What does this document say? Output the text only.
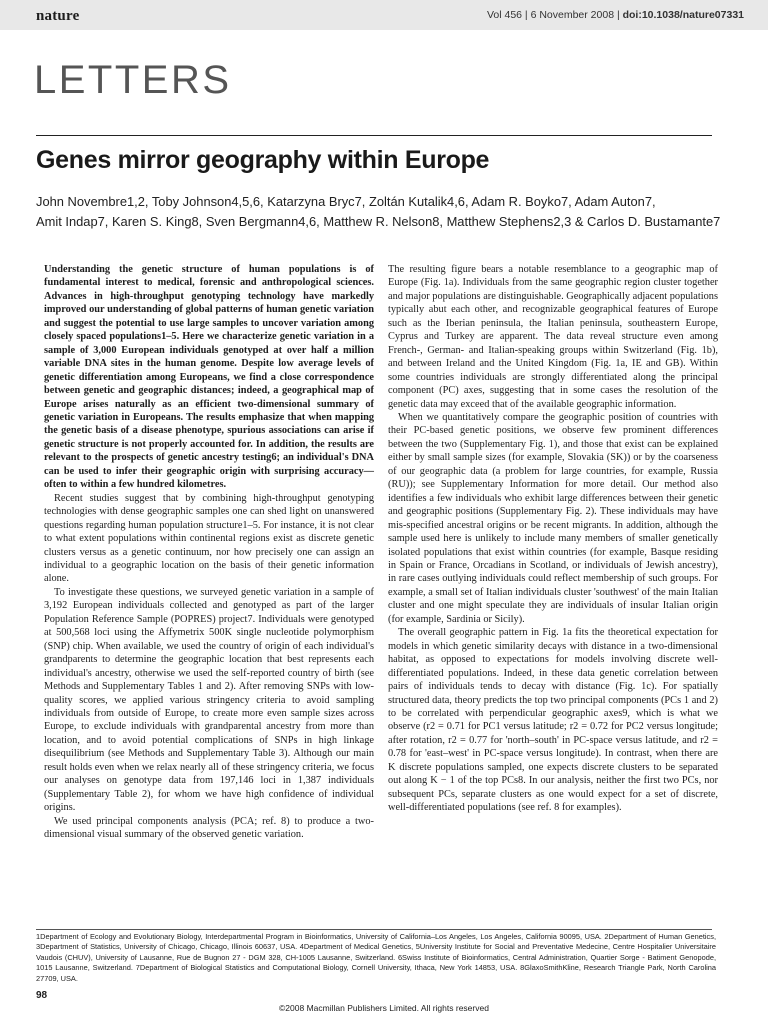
nature	Vol 456 | 6 November 2008 | doi:10.1038/nature07331
LETTERS
Genes mirror geography within Europe
John Novembre1,2, Toby Johnson4,5,6, Katarzyna Bryc7, Zoltán Kutalik4,6, Adam R. Boyko7, Adam Auton7,
Amit Indap7, Karen S. King8, Sven Bergmann4,6, Matthew R. Nelson8, Matthew Stephens2,3 & Carlos D. Bustamante7

Understanding the genetic structure of human populations is of fundamental interest to medical, forensic and anthropological sciences. Advances in high-throughput genotyping technology have markedly improved our understanding of global patterns of human genetic variation and suggest the potential to use large samples to uncover variation among closely spaced populations1–5. Here we characterize genetic variation in a sample of 3,000 European individuals genotyped at over half a million variable DNA sites in the human genome. Despite low average levels of genetic differentiation among Europeans, we find a close correspondence between genetic and geographic distances; indeed, a geographical map of Europe arises naturally as an efficient two-dimensional summary of genetic variation in Europeans. The results emphasize that when mapping the genetic basis of a disease phenotype, spurious associations can arise if genetic structure is not properly accounted for. In addition, the results are relevant to the prospects of genetic ancestry testing6; an individual's DNA can be used to infer their geographic origin with surprising accuracy—often to within a few hundred kilometres.

Recent studies suggest that by combining high-throughput genotyping technologies with dense geographic samples one can shed light on unanswered questions regarding human population structure1–5. For instance, it is not clear to what extent populations within continental regions exist as discrete genetic clusters versus as a genetic continuum, nor how precisely one can assign an individual to a geographic location on the basis of their genetic information alone.

To investigate these questions, we surveyed genetic variation in a sample of 3,192 European individuals collected and genotyped as part of the larger Population Reference Sample (POPRES) project7. Individuals were genotyped at 500,568 loci using the Affymetrix 500K single nucleotide polymorphism (SNP) chip. When available, we used the country of origin of each individual's grandparents to determine the geographic location that best represents each individual's ancestry, otherwise we used the self-reported country of birth (see Methods and Supplementary Tables 1 and 2). After removing SNPs with low-quality scores, we applied various stringency criteria to avoid sampling individuals from outside of Europe, to create more even sample sizes across Europe, to exclude individuals with grandparental ancestry from more than location, and to avoid potential complications of SNPs in high linkage disequilibrium (see Methods and Supplementary Table 3). Although our main result holds even when we relax nearly all of these stringency criteria, we focus our analyses on genotype data from 197,146 loci in 1,387 individuals (Supplementary Table 2), for whom we have high confidence of individual origins.

We used principal components analysis (PCA; ref. 8) to produce a two-dimensional visual summary of the observed genetic variation.

The resulting figure bears a notable resemblance to a geographic map of Europe (Fig. 1a). Individuals from the same geographic region cluster together and major populations are distinguishable. Geographically adjacent populations typically abut each other, and recognizable geographical features of Europe such as the Iberian peninsula, the Italian peninsula, southeastern Europe, Cyprus and Turkey are apparent. The data reveal structure even among French-, German- and Italian-speaking groups within Switzerland (Fig. 1b), and between Ireland and the United Kingdom (Fig. 1a, IE and GB). Within some countries individuals are strongly differentiated along the principal component (PC) axes, suggesting that in some cases the resolution of the genetic data may exceed that of the available geographic information.

When we quantitatively compare the geographic position of countries with their PC-based genetic positions, we observe few prominent differences between the two (Supplementary Fig. 1), and those that exist can be explained either by small sample sizes (for example, Slovakia (SK)) or by the coarseness of our geographic data (a problem for large countries, for example, Russia (RU)); see Supplementary Information for more detail. Our method also identifies a few individuals who exhibit large differences between their genetic and geographic positions (Supplementary Fig. 2). These individuals may have mis-specified ancestral origins or be recent migrants. In addition, although the sample used here is unlikely to include many members of smaller genetically isolated populations that exist within countries (for example, Basque residing in Spain or France, Orcadians in Scotland, or individuals of Jewish ancestry), in rare cases outlying individuals could reflect membership of such groups. For example, a small set of Italian individuals cluster 'southwest' of the main Italian cluster and one might speculate they are individuals of insular Italian origin (for example, Sardinia or Sicily).

The overall geographic pattern in Fig. 1a fits the theoretical expectation for models in which genetic similarity decays with distance in a two-dimensional habitat, as opposed to expectations for models involving discrete well-differentiated populations. Indeed, in these data genetic correlation between pairs of individuals tends to decay with distance (Fig. 1c). For spatially structured data, theory predicts the top two principal components (PCs 1 and 2) to be correlated with perpendicular geographic axes9, which is what we observe (r2 = 0.71 for PC1 versus latitude; r2 = 0.72 for PC2 versus longitude; after rotation, r2 = 0.77 for 'north–south' in PC-space versus latitude, and r2 = 0.78 for 'east–west' in PC-space versus longitude). In contrast, when there are K discrete populations sampled, one expects discrete clusters to be separated out along K − 1 of the top PCs8. In our analysis, neither the first two PCs, nor subsequent PCs, separate clusters as one would expect for a set of discrete, well-differentiated populations (see ref. 8 for examples).

1Department of Ecology and Evolutionary Biology, Interdepartmental Program in Bioinformatics, University of California–Los Angeles, Los Angeles, California 90095, USA. 2Department of Human Genetics, 3Department of Statistics, University of Chicago, Chicago, Illinois 60637, USA. 4Department of Medical Genetics, 5University Institute for Social and Preventative Medecine, Centre Hospitalier Universitaire Vaudois (CHUV), University of Lausanne, Rue de Bugnon 27 - DGM 328, CH-1005 Lausanne, Switzerland. 6Swiss Institute of Bioinformatics, Central Administration, Quartier Sorge - Batiment Genopode, 1015 Lausanne, Switzerland. 7Department of Biological Statistics and Computational Biology, Cornell University, Ithaca, New York 14853, USA. 8GlaxoSmithKline, Research Triangle Park, North Carolina 27709, USA.
98
©2008 Macmillan Publishers Limited. All rights reserved
